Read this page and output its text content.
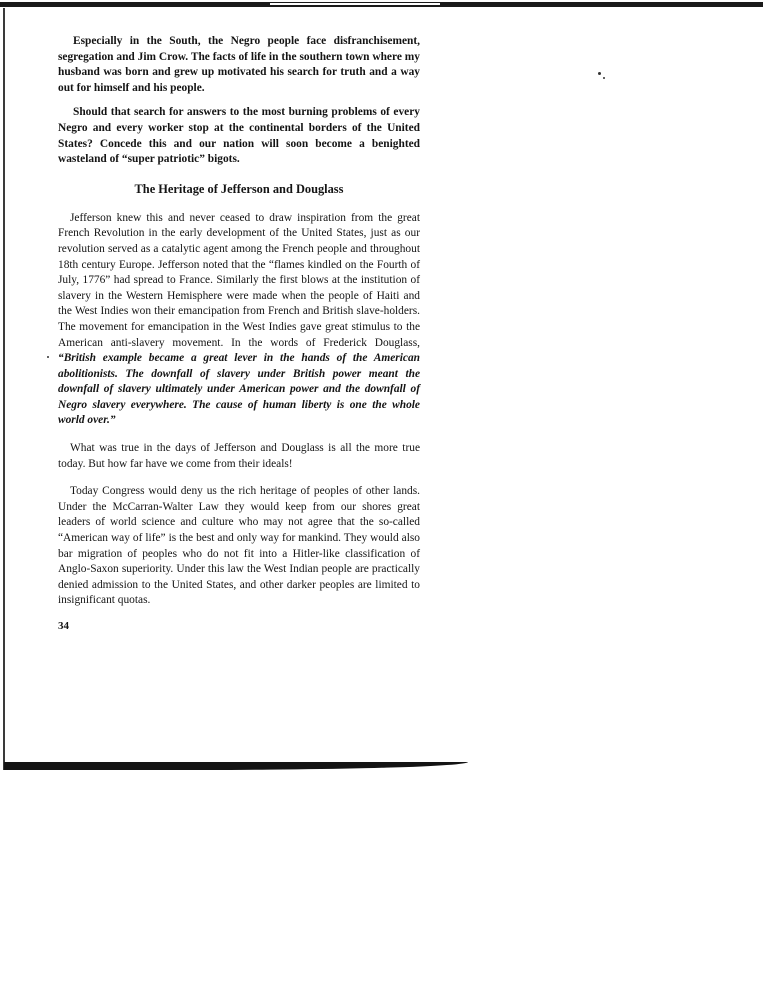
Especially in the South, the Negro people face disfranchisement, segregation and Jim Crow. The facts of life in the southern town where my husband was born and grew up motivated his search for truth and a way out for himself and his people.

Should that search for answers to the most burning problems of every Negro and every worker stop at the continental borders of the United States? Concede this and our nation will soon become a benighted wasteland of “super patriotic” bigots.

The Heritage of Jefferson and Douglass

Jefferson knew this and never ceased to draw inspiration from the great French Revolution in the early development of the United States, just as our revolution served as a catalytic agent among the French people and throughout 18th century Europe. Jefferson noted that the “flames kindled on the Fourth of July, 1776” had spread to France. Similarly the first blows at the institution of slavery in the Western Hemisphere were made when the people of Haiti and the West Indies won their emancipation from French and British slave-holders. The movement for emancipation in the West Indies gave great stimulus to the American anti-slavery movement. In the words of Frederick Douglass, “British example became a great lever in the hands of the American abolitionists. The downfall of slavery under British power meant the downfall of slavery ultimately under American power and the downfall of Negro slavery everywhere. The cause of human liberty is one the whole world over.”

What was true in the days of Jefferson and Douglass is all the more true today. But how far have we come from their ideals!

Today Congress would deny us the rich heritage of peoples of other lands. Under the McCarran-Walter Law they would keep from our shores great leaders of world science and culture who may not agree that the so-called “American way of life” is the best and only way for mankind. They would also bar migration of peoples who do not fit into a Hitler-like classification of Anglo-Saxon superiority. Under this law the West Indian people are practically denied admission to the United States, and other darker peoples are limited to insignificant quotas.

34
